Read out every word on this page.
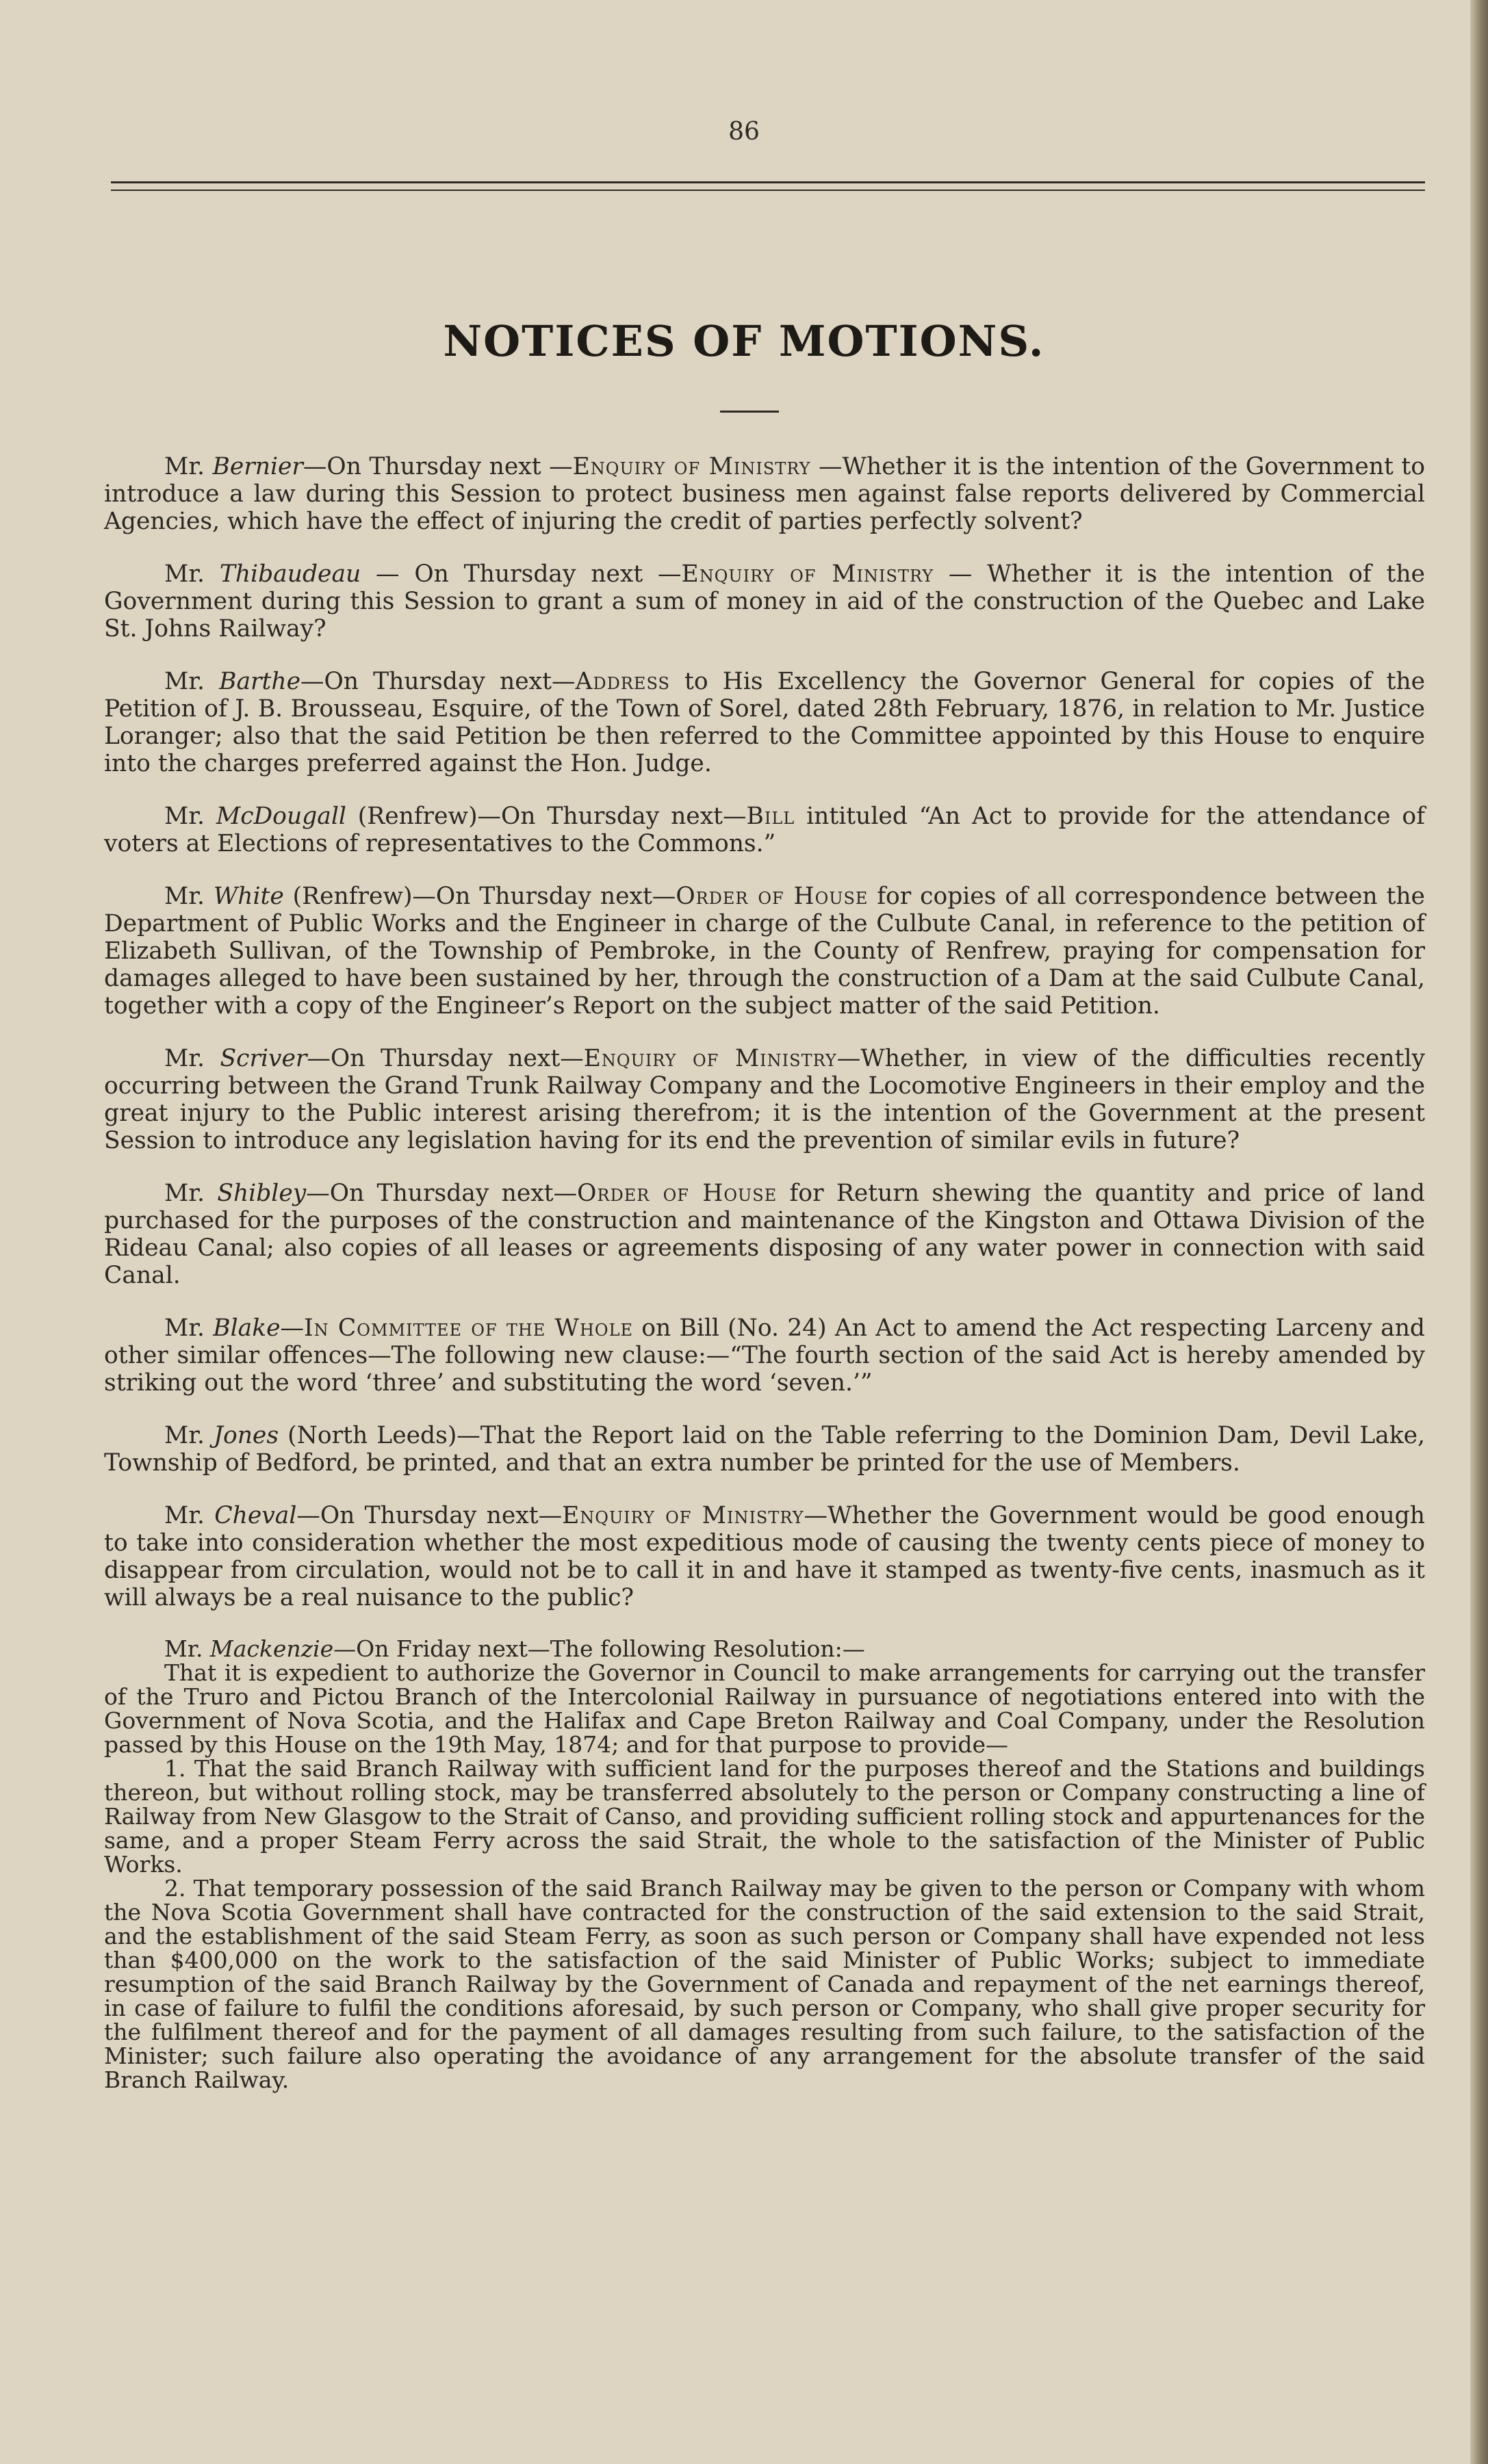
86
NOTICES OF MOTIONS.

Mr. Bernier—On Thursday next —Enquiry of Ministry —Whether it is the intention of the Government to introduce a law during this Session to protect business men against false reports delivered by Commercial Agencies, which have the effect of injuring the credit of parties perfectly solvent?

Mr. Thibaudeau — On Thursday next —Enquiry of Ministry — Whether it is the intention of the Government during this Session to grant a sum of money in aid of the construction of the Quebec and Lake St. Johns Railway?

Mr. Barthe—On Thursday next—Address to His Excellency the Governor General for copies of the Petition of J. B. Brousseau, Esquire, of the Town of Sorel, dated 28th February, 1876, in relation to Mr. Justice Loranger; also that the said Petition be then referred to the Committee appointed by this House to enquire into the charges preferred against the Hon. Judge.

Mr. McDougall (Renfrew)—On Thursday next—Bill intituled “An Act to provide for the attendance of voters at Elections of representatives to the Commons.”

Mr. White (Renfrew)—On Thursday next—Order of House for copies of all correspondence between the Department of Public Works and the Engineer in charge of the Culbute Canal, in reference to the petition of Elizabeth Sullivan, of the Township of Pembroke, in the County of Renfrew, praying for compensation for damages alleged to have been sustained by her, through the construction of a Dam at the said Culbute Canal, together with a copy of the Engineer’s Report on the subject matter of the said Petition.

Mr. Scriver—On Thursday next—Enquiry of Ministry—Whether, in view of the difficulties recently occurring between the Grand Trunk Railway Company and the Locomotive Engineers in their employ and the great injury to the Public interest arising therefrom; it is the intention of the Government at the present Session to introduce any legislation having for its end the prevention of similar evils in future?

Mr. Shibley—On Thursday next—Order of House for Return shewing the quantity and price of land purchased for the purposes of the construction and maintenance of the Kingston and Ottawa Division of the Rideau Canal; also copies of all leases or agreements disposing of any water power in connection with said Canal.

Mr. Blake—In Committee of the Whole on Bill (No. 24) An Act to amend the Act respecting Larceny and other similar offences—The following new clause:—“The fourth section of the said Act is hereby amended by striking out the word ‘three’ and substituting the word ‘seven.’”

Mr. Jones (North Leeds)—That the Report laid on the Table referring to the Dominion Dam, Devil Lake, Township of Bedford, be printed, and that an extra number be printed for the use of Members.

Mr. Cheval—On Thursday next—Enquiry of Ministry—Whether the Government would be good enough to take into consideration whether the most expeditious mode of causing the twenty cents piece of money to disappear from circulation, would not be to call it in and have it stamped as twenty-five cents, inasmuch as it will always be a real nuisance to the public?

Mr. Mackenzie—On Friday next—The following Resolution:—

That it is expedient to authorize the Governor in Council to make arrangements for carrying out the transfer of the Truro and Pictou Branch of the Intercolonial Railway in pursuance of negotiations entered into with the Government of Nova Scotia, and the Halifax and Cape Breton Railway and Coal Company, under the Resolution passed by this House on the 19th May, 1874; and for that purpose to provide—

1. That the said Branch Railway with sufficient land for the purposes thereof and the Stations and buildings thereon, but without rolling stock, may be transferred absolutely to the person or Company constructing a line of Railway from New Glasgow to the Strait of Canso, and providing sufficient rolling stock and appurtenances for the same, and a proper Steam Ferry across the said Strait, the whole to the satisfaction of the Minister of Public Works.

2. That temporary possession of the said Branch Railway may be given to the person or Company with whom the Nova Scotia Government shall have contracted for the construction of the said extension to the said Strait, and the establishment of the said Steam Ferry, as soon as such person or Company shall have expended not less than $400,000 on the work to the satisfaction of the said Minister of Public Works; subject to immediate resumption of the said Branch Railway by the Government of Canada and repayment of the net earnings thereof, in case of failure to fulfil the conditions aforesaid, by such person or Company, who shall give proper security for the fulfilment thereof and for the payment of all damages resulting from such failure, to the satisfaction of the Minister; such failure also operating the avoidance of any arrangement for the absolute transfer of the said Branch Railway.
